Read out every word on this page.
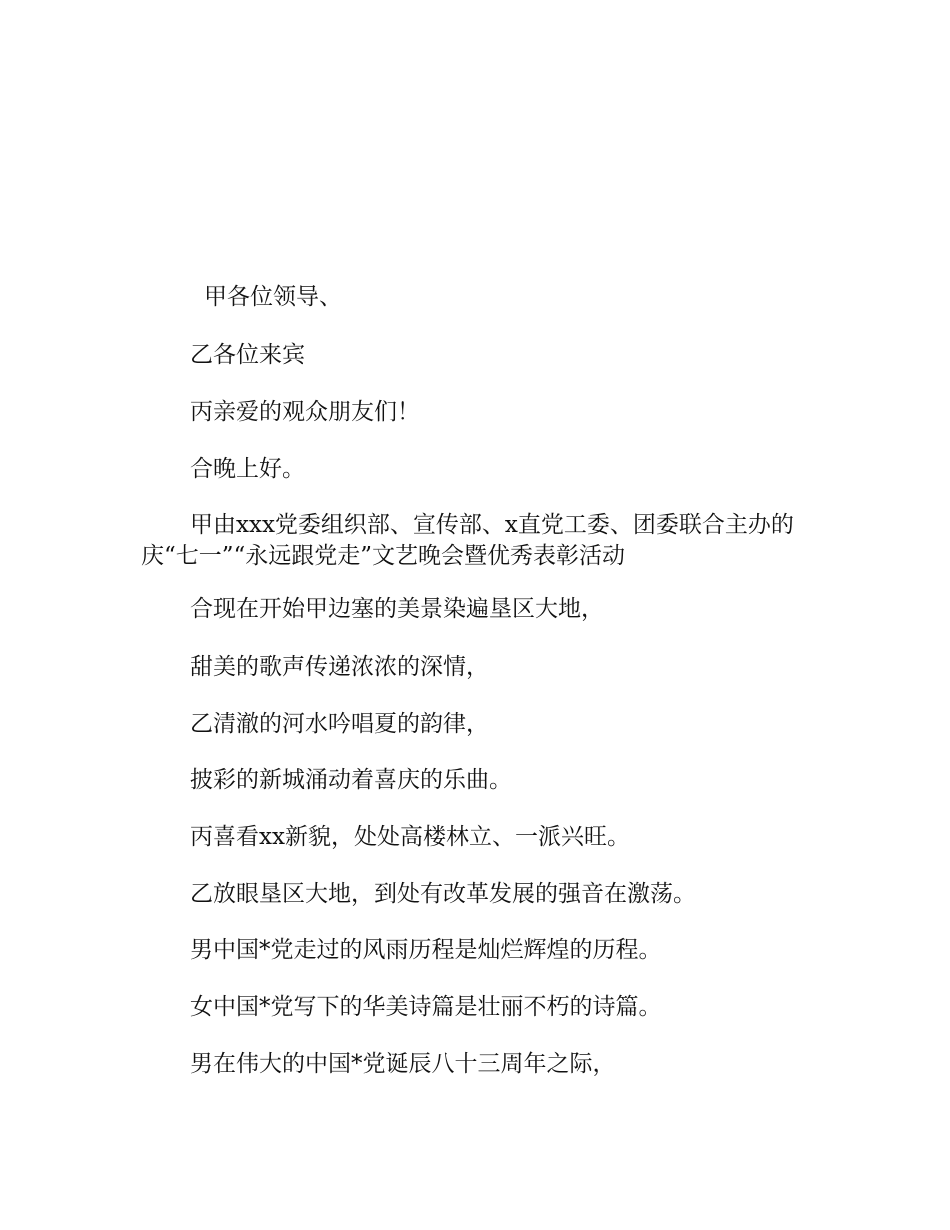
甲各位领导、

乙各位来宾

丙亲爱的观众朋友们！

合晚上好。

甲由xxx党委组织部、宣传部、x直党工委、团委联合主办的庆“七一”“永远跟党走”文艺晚会暨优秀表彰活动

合现在开始甲边塞的美景染遍垦区大地，

甜美的歌声传递浓浓的深情，

乙清澈的河水吟唱夏的韵律，

披彩的新城涌动着喜庆的乐曲。

丙喜看xx新貌，处处高楼林立、一派兴旺。

乙放眼垦区大地，到处有改革发展的强音在激荡。

男中国*党走过的风雨历程是灿烂辉煌的历程。

女中国*党写下的华美诗篇是壮丽不朽的诗篇。

男在伟大的中国*党诞辰八十三周年之际，
